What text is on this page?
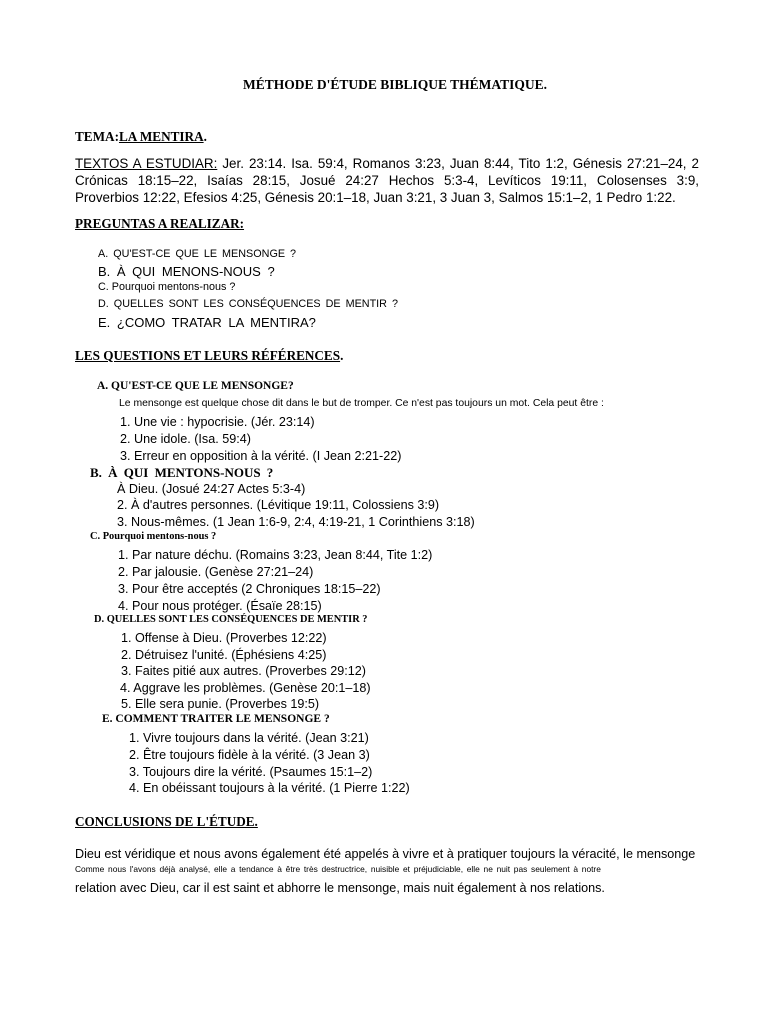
MÉTHODE D'ÉTUDE BIBLIQUE THÉMATIQUE.
TEMA:LA MENTIRA.
TEXTOS A ESTUDIAR: Jer. 23:14. Isa. 59:4, Romanos 3:23, Juan 8:44, Tito 1:2, Génesis 27:21–24, 2 Crónicas 18:15–22, Isaías 28:15, Josué 24:27 Hechos 5:3-4, Levíticos 19:11, Colosenses 3:9, Proverbios 12:22, Efesios 4:25, Génesis 20:1–18, Juan 3:21, 3 Juan 3, Salmos 15:1–2, 1 Pedro 1:22.
PREGUNTAS A REALIZAR:
A. QU'EST-CE QUE LE MENSONGE ?
B. À QUI MENONS-NOUS ?
C. Pourquoi mentons-nous ?
D. QUELLES SONT LES CONSÉQUENCES DE MENTIR ?
E. ¿COMO TRATAR LA MENTIRA?
LES QUESTIONS ET LEURS RÉFÉRENCES.
A. QU'EST-CE QUE LE MENSONGE?
Le mensonge est quelque chose dit dans le but de tromper. Ce n'est pas toujours un mot. Cela peut être :
1. Une vie : hypocrisie. (Jér. 23:14)
2. Une idole. (Isa. 59:4)
3. Erreur en opposition à la vérité. (I Jean 2:21-22)
B. À QUI MENTONS-NOUS ?
À Dieu. (Josué 24:27 Actes 5:3-4)
2. À d'autres personnes. (Lévitique 19:11, Colossiens 3:9)
3. Nous-mêmes. (1 Jean 1:6-9, 2:4, 4:19-21, 1 Corinthiens 3:18)
C. Pourquoi mentons-nous ?
1. Par nature déchu. (Romains 3:23, Jean 8:44, Tite 1:2)
2. Par jalousie. (Genèse 27:21–24)
3. Pour être acceptés (2 Chroniques 18:15–22)
4. Pour nous protéger. (Ésaïe 28:15)
D. QUELLES SONT LES CONSÉQUENCES DE MENTIR ?
1. Offense à Dieu. (Proverbes 12:22)
2. Détruisez l'unité. (Éphésiens 4:25)
3. Faites pitié aux autres. (Proverbes 29:12)
4. Aggrave les problèmes. (Genèse 20:1–18)
5. Elle sera punie. (Proverbes 19:5)
E. COMMENT TRAITER LE MENSONGE ?
1. Vivre toujours dans la vérité. (Jean 3:21)
2. Être toujours fidèle à la vérité. (3 Jean 3)
3. Toujours dire la vérité. (Psaumes 15:1–2)
4. En obéissant toujours à la vérité. (1 Pierre 1:22)
CONCLUSIONS DE L'ÉTUDE.
Dieu est véridique et nous avons également été appelés à vivre et à pratiquer toujours la véracité, le mensonge
Comme nous l'avons déjà analysé, elle a tendance à être très destructrice, nuisible et préjudiciable, elle ne nuit pas seulement à notre
relation avec Dieu, car il est saint et abhorre le mensonge, mais nuit également à nos relations.
